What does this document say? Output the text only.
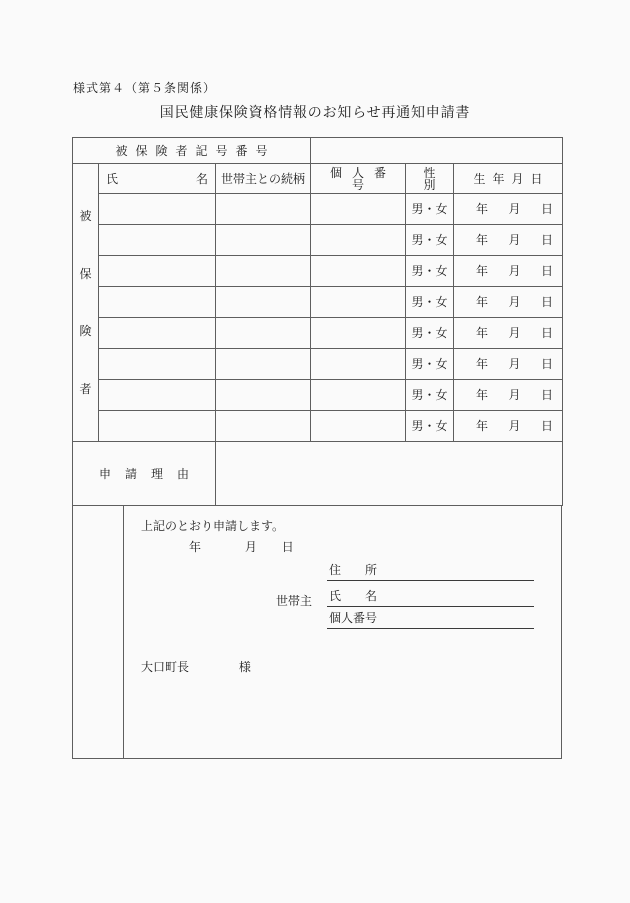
様式第４（第５条関係）
国民健康保険資格情報のお知らせ再通知申請書
被保険者記号番号					

被
保
険
者	氏 名	世帯主との続柄	個人番号	性別	生年月日
				男・女	年 月 日

				男・女	年 月 日

				男・女	年 月 日

				男・女	年 月 日

				男・女	年 月 日

				男・女	年 月 日

				男・女	年 月 日

				男・女	年 月 日

申請理由					
上記のとおり申請します。
年	月 日
住　　所
世帯主 氏　　名
個人番号
大口町長	様
